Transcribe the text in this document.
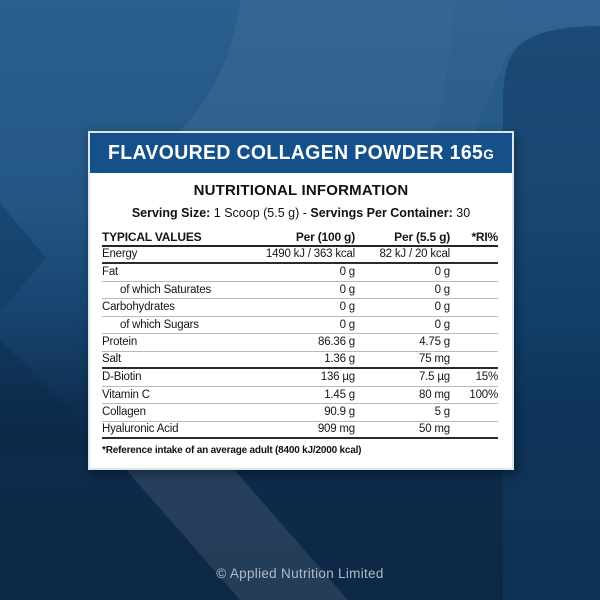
FLAVOURED COLLAGEN POWDER 165G
NUTRITIONAL INFORMATION
Serving Size: 1 Scoop (5.5 g) - Servings Per Container: 30
TYPICAL VALUES	Per (100 g)	Per (5.5 g)	*RI%
Energy	1490 kJ / 363 kcal	82 kJ / 20 kcal
Fat	0 g	0 g
of which Saturates	0 g	0 g
Carbohydrates	0 g	0 g
of which Sugars	0 g	0 g
Protein	86.36 g	4.75 g
Salt	1.36 g	75 mg
D-Biotin	136 µg	7.5 µg	15%
Vitamin C	1.45 g	80 mg	100%
Collagen	90.9 g	5 g
Hyaluronic Acid	909 mg	50 mg
*Reference intake of an average adult (8400 kJ/2000 kcal)
© Applied Nutrition Limited
